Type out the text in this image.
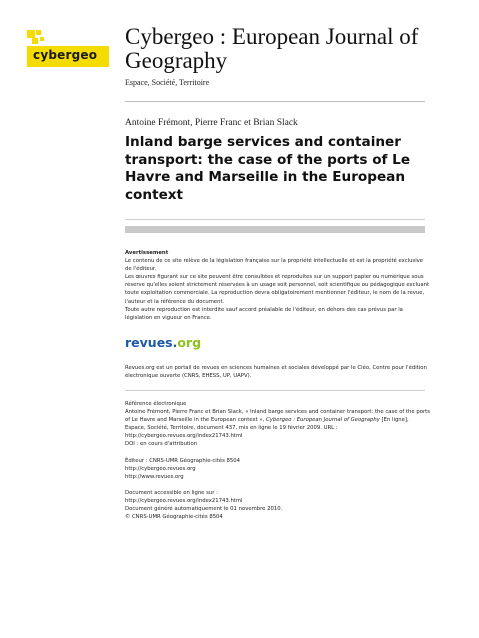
cybergeo
Cybergeo : European Journal of Geography
Espace, Société, Territoire
Antoine Frémont, Pierre Franc et Brian Slack
Inland barge services and container transport: the case of the ports of Le Havre and Marseille in the European context

Avertissement

Le contenu de ce site relève de la législation française sur la propriété intellectuelle et est la propriété exclusive de l'éditeur.

Les œuvres figurant sur ce site peuvent être consultées et reproduites sur un support papier ou numérique sous réserve qu'elles soient strictement réservées à un usage soit personnel, soit scientifique ou pédagogique excluant toute exploitation commerciale. La reproduction devra obligatoirement mentionner l'éditeur, le nom de la revue, l'auteur et la référence du document.

Toute autre reproduction est interdite sauf accord préalable de l'éditeur, en dehors des cas prévus par la législation en vigueur en France.

revues.org

Revues.org est un portail de revues en sciences humaines et sociales développé par le Cléo, Centre pour l'édition électronique ouverte (CNRS, EHESS, UP, UAPV).

Référence électronique

Antoine Frémont, Pierre Franc et Brian Slack, « Inland barge services and container transport: the case of the ports of Le Havre and Marseille in the European context », Cybergeo : European Journal of Geography [En ligne], Espace, Société, Territoire, document 437, mis en ligne le 19 février 2009. URL : http://cybergeo.revues.org/index21743.html

DOI : en cours d'attribution

Éditeur : CNRS-UMR Géographie-cités 8504

http://cybergeo.revues.org

http://www.revues.org

Document accessible en ligne sur :

http://cybergeo.revues.org/index21743.html

Document généré automatiquement le 01 novembre 2010.

© CNRS-UMR Géographie-cités 8504
